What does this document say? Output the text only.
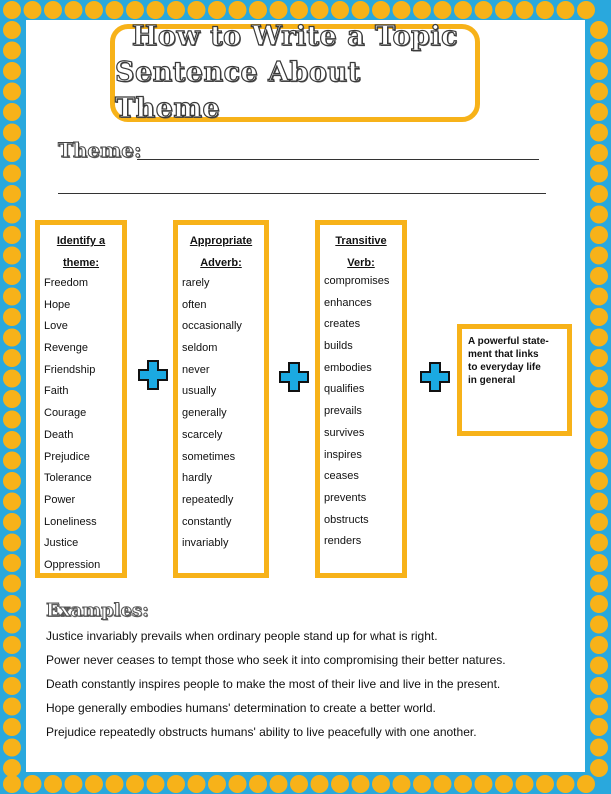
How to Write a Topic
Sentence About Theme
Theme:
Identify a
theme:
Freedom
Hope
Love
Revenge
Friendship
Faith
Courage
Death
Prejudice
Tolerance
Power
Loneliness
Justice
Oppression
Appropriate
Adverb:
rarely
often
occasionally
seldom
never
usually
generally
scarcely
sometimes
hardly
repeatedly
constantly
invariably
Transitive
Verb:
compromises
enhances
creates
builds
embodies
qualifies
prevails
survives
inspires
ceases
prevents
obstructs
renders
A powerful state-
ment that links
to everyday life
in general
Examples:
Justice invariably prevails when ordinary people stand up for what is right.
Power never ceases to tempt those who seek it into compromising their better natures.
Death constantly inspires people to make the most of their live and live in the present.
Hope generally embodies humans' determination to create a better world.
Prejudice repeatedly obstructs humans' ability to live peacefully with one another.
